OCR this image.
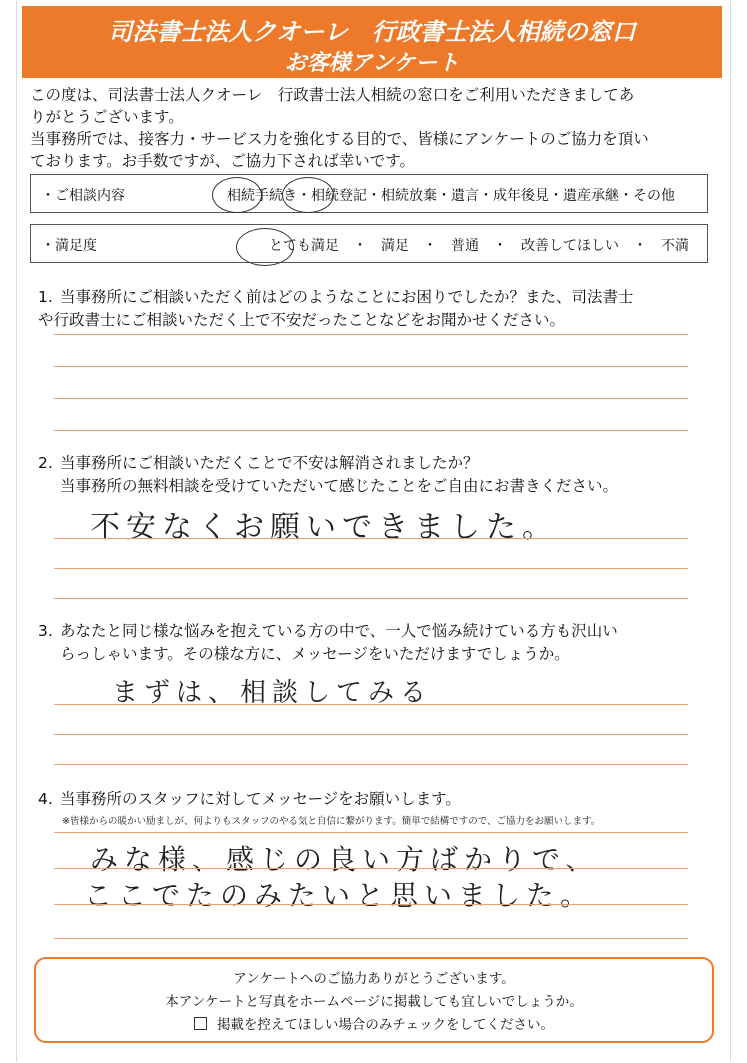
司法書士法人クオーレ　行政書士法人相続の窓口
お客様アンケート
この度は、司法書士法人クオーレ　行政書士法人相続の窓口をご利用いただきましてあ
りがとうございます。
当事務所では、接客力・サービス力を強化する目的で、皆様にアンケートのご協力を頂い
ております。お手数ですが、ご協力下されば幸いです。
・ご相談内容	相続手続き・相続登記・相続放棄・遺言・成年後見・遺産承継・その他
・満足度	とても満足　・　満足　・　普通　・　改善してほしい　・　不満
1. 当事務所にご相談いただく前はどのようなことにお困りでしたか？また、司法書士
や行政書士にご相談いただく上で不安だったことなどをお聞かせください。
2. 当事務所にご相談いただくことで不安は解消されましたか？
当事務所の無料相談を受けていただいて感じたことをご自由にお書きください。
不安なくお願いできました。
3. あなたと同じ様な悩みを抱えている方の中で、一人で悩み続けている方も沢山い
らっしゃいます。その様な方に、メッセージをいただけますでしょうか。
まずは、相談してみる
4. 当事務所のスタッフに対してメッセージをお願いします。
※皆様からの暖かい励ましが、何よりもスタッフのやる気と自信に繋がります。簡単で結構ですので、ご協力をお願いします。
みな様、感じの良い方ばかりで、
ここでたのみたいと思いました。
アンケートへのご協力ありがとうございます。
本アンケートと写真をホームページに掲載しても宜しいでしょうか。
掲載を控えてほしい場合のみチェックをしてください。
